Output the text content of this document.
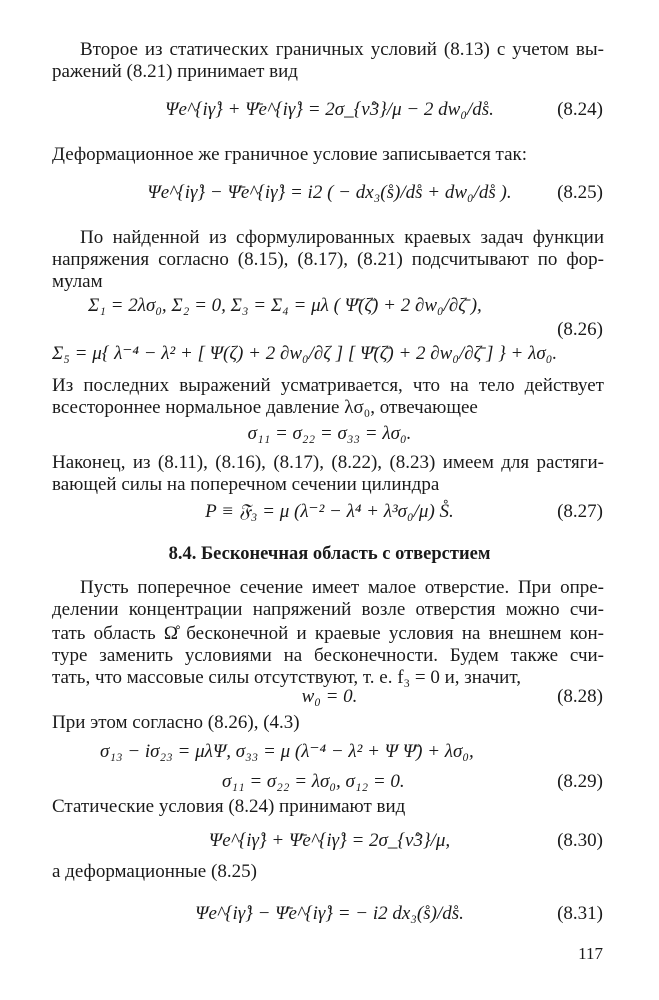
Второе из статических граничных условий (8.13) с учетом вы-
ражений (8.21) принимает вид
Ψe^{iγ̊} + Ψ̄e^{iγ̊} = 2σ_{ν̊3}/μ − 2 dw₀/ds̊.	(8.24)
Деформационное же граничное условие записывается так:
Ψe^{iγ̊} − Ψ̄e^{iγ̊} = i2 ( − dx₃(s̊)/ds̊ + dw₀/ds̊ ).	(8.25)
По найденной из сформулированных краевых задач функции
напряжения согласно (8.15), (8.17), (8.21) подсчитывают по фор-
мулам
Σ₁ = 2λσ₀, Σ₂ = 0, Σ₃ = Σ₄ = μλ ( Ψ̄(ζ̄) + 2 ∂w₀/∂ζ̄ ),
(8.26)
Σ₅ = μ{ λ⁻⁴ − λ² + [ Ψ(ζ) + 2 ∂w₀/∂ζ ] [ Ψ̄(ζ̄) + 2 ∂w₀/∂ζ̄ ] } + λσ₀.
Из последних выражений усматривается, что на тело действует
всестороннее нормальное давление λσ₀, отвечающее
σ₁₁ = σ₂₂ = σ₃₃ = λσ₀.
Наконец, из (8.11), (8.16), (8.17), (8.22), (8.23) имеем для растяги-
вающей силы на поперечном сечении цилиндра
P ≡ 𝔉₃ = μ (λ⁻² − λ⁴ + λ³σ₀/μ) S̊.	(8.27)
8.4. Бесконечная область с отверстием
Пусть поперечное сечение имеет малое отверстие. При опре-
делении концентрации напряжений возле отверстия можно счи-
тать область Ω̊ бесконечной и краевые условия на внешнем кон-
туре заменить условиями на бесконечности. Будем также счи-
тать, что массовые силы отсутствуют, т. е. f₃ = 0 и, значит,
w₀ = 0.	(8.28)
При этом согласно (8.26), (4.3)
σ₁₃ − iσ₂₃ = μλΨ, σ₃₃ = μ (λ⁻⁴ − λ² + Ψ Ψ̄) + λσ₀,
σ₁₁ = σ₂₂ = λσ₀, σ₁₂ = 0.	(8.29)
Статические условия (8.24) принимают вид
Ψe^{iγ̊} + Ψ̄e^{iγ̊} = 2σ_{ν̊3}/μ,	(8.30)
а деформационные (8.25)
Ψe^{iγ̊} − Ψ̄e^{iγ̊} = − i2 dx₃(s̊)/ds̊.	(8.31)
117
